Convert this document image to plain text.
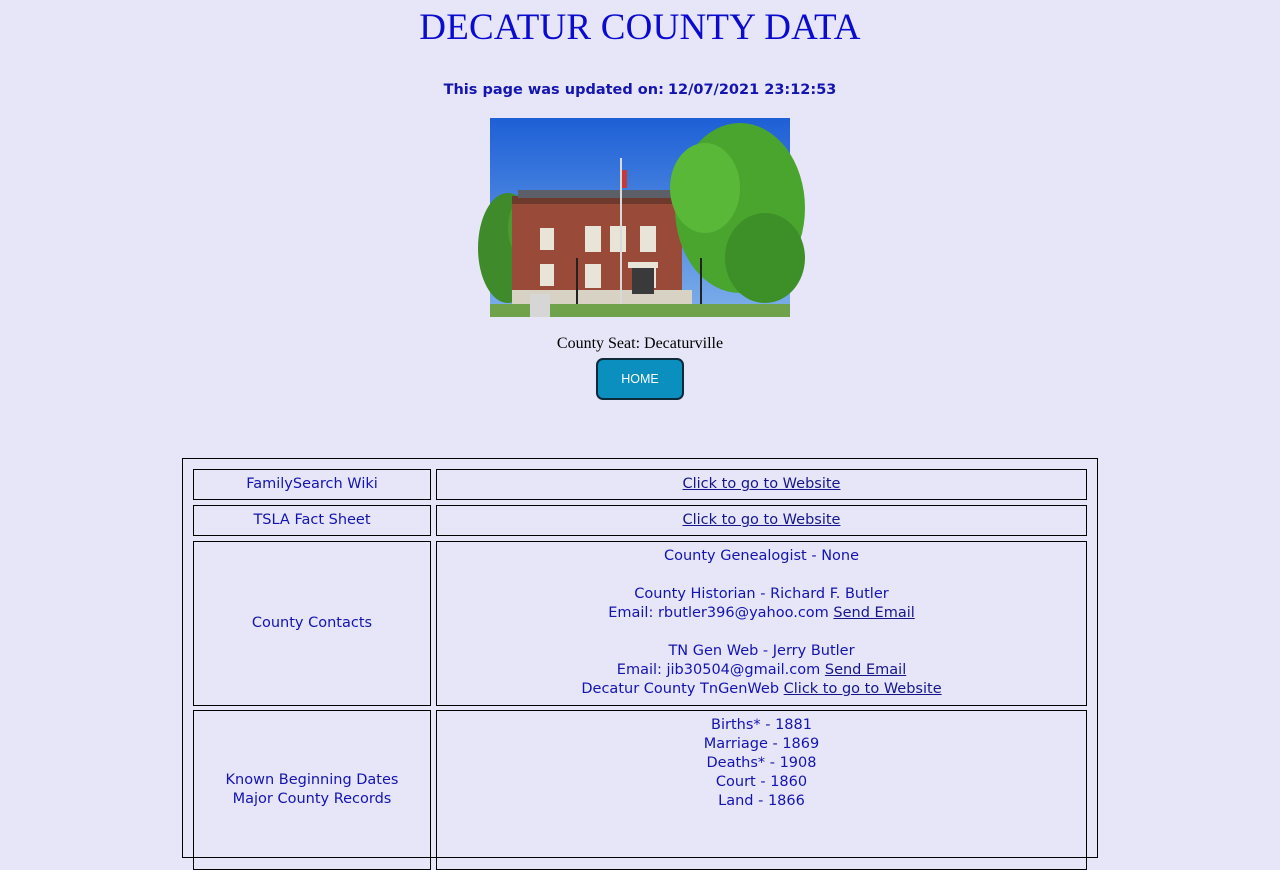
DECATUR COUNTY DATA
This page was updated on: 12/07/2021 23:12:53
County Seat: Decaturville
HOME
FamilySearch Wiki	Click to go to Website
TSLA Fact Sheet	Click to go to Website
County Contacts
County Genealogist - None
County Historian - Richard F. Butler
Email: rbutler396@yahoo.com Send Email
TN Gen Web - Jerry Butler
Email: jib30504@gmail.com Send Email
Decatur County TnGenWeb Click to go to Website
Known Beginning Dates
Major County Records
Births* - 1881
Marriage - 1869
Deaths* - 1908
Court - 1860
Land - 1866
